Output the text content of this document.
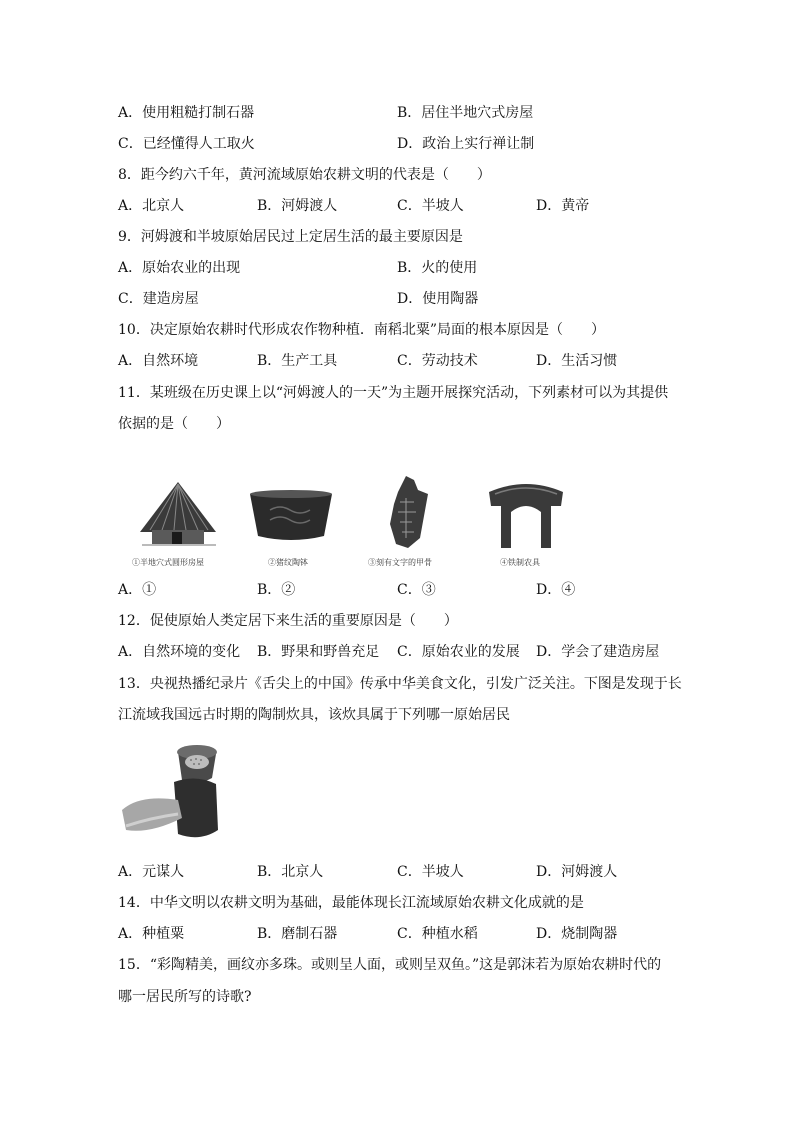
A．使用粗糙打制石器	B．居住半地穴式房屋
C．已经懂得人工取火	D．政治上实行禅让制
8．距今约六千年，黄河流域原始农耕文明的代表是（　　）
A．北京人	B．河姆渡人	C．半坡人	D．黄帝
9．河姆渡和半坡原始居民过上定居生活的最主要原因是
A．原始农业的出现	B．火的使用
C．建造房屋	D．使用陶器
10．决定原始农耕时代形成农作物种植．南稻北粟”局面的根本原因是（　　）
A．自然环境	B．生产工具	C．劳动技术	D．生活习惯
11．某班级在历史课上以“河姆渡人的一天”为主题开展探究活动，下列素材可以为其提供
依据的是（　　）
①半地穴式圆形房屋	②猪纹陶钵	③刻有文字的甲骨	④铁制农具
A．①	B．②	C．③	D．④
12．促使原始人类定居下来生活的重要原因是（　　）
A．自然环境的变化 B．野果和野兽充足 C．原始农业的发展 D．学会了建造房屋
13．央视热播纪录片《舌尖上的中国》传承中华美食文化，引发广泛关注。下图是发现于长
江流域我国远古时期的陶制炊具，该炊具属于下列哪一原始居民
A．元谋人	B．北京人	C．半坡人	D．河姆渡人
14．中华文明以农耕文明为基础，最能体现长江流域原始农耕文化成就的是
A．种植粟	B．磨制石器	C．种植水稻	D．烧制陶器
15．“彩陶精美，画纹亦多珠。或则呈人面，或则呈双鱼。”这是郭沫若为原始农耕时代的
哪一居民所写的诗歌?
